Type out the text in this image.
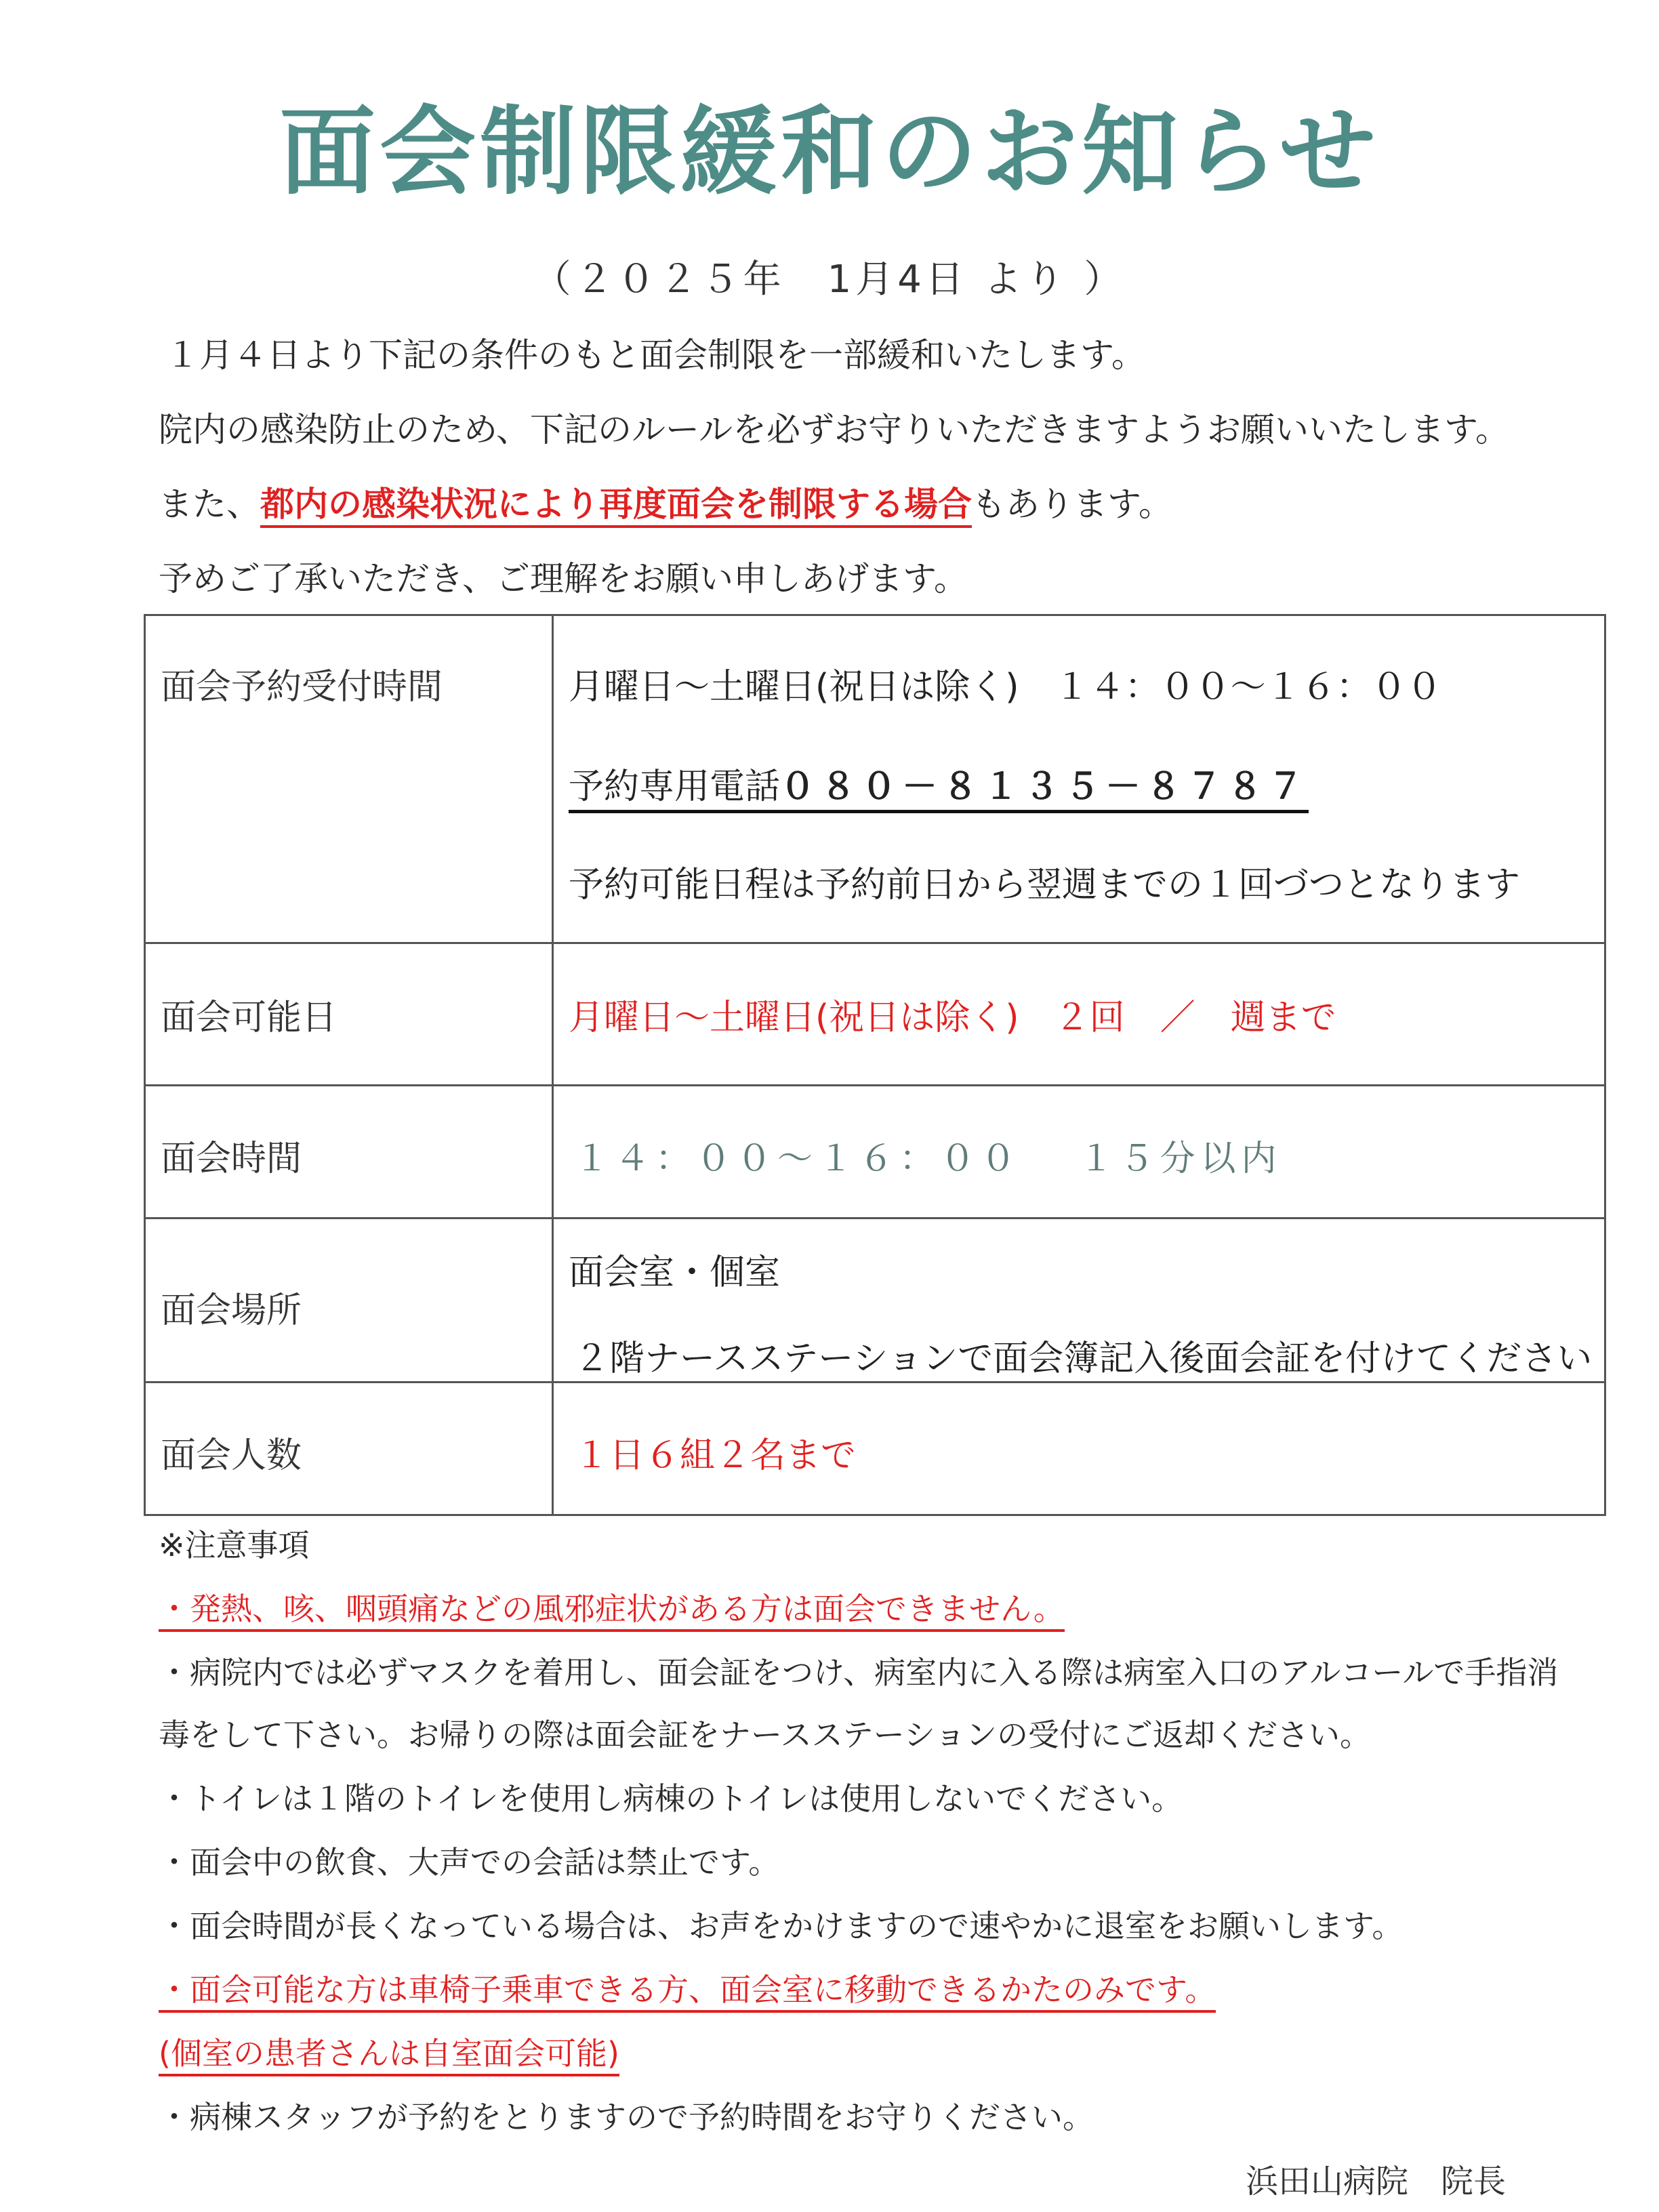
面会制限緩和のお知らせ
（２０２５年　1月4日 より ）
１月４日より下記の条件のもと面会制限を一部緩和いたします。
院内の感染防止のため、下記のルールを必ずお守りいただきますようお願いいたします。
また、都内の感染状況により再度面会を制限する場合もあります。
予めご了承いただき、ご理解をお願い申しあげます。
面会予約受付時間	月曜日～土曜日(祝日は除く)　１４：００～１６：００
予約専用電話０８０－８１３５－８７８７
予約可能日程は予約前日から翌週までの１回づつとなります

面会可能日	月曜日～土曜日(祝日は除く)　２回　／　週まで

面会時間	１４：００～１６：００　 １５分以内

面会場所	面会室・個室
２階ナースステーションで面会簿記入後面会証を付けてください

面会人数	１日６組２名まで
※注意事項
・発熱、咳、咽頭痛などの風邪症状がある方は面会できません。
・病院内では必ずマスクを着用し、面会証をつけ、病室内に入る際は病室入口のアルコールで手指消
毒をして下さい。お帰りの際は面会証をナースステーションの受付にご返却ください。
・トイレは１階のトイレを使用し病棟のトイレは使用しないでください。
・面会中の飲食、大声での会話は禁止です。
・面会時間が長くなっている場合は、お声をかけますので速やかに退室をお願いします。
・面会可能な方は車椅子乗車できる方、面会室に移動できるかたのみです。
(個室の患者さんは自室面会可能)
・病棟スタッフが予約をとりますので予約時間をお守りください。
浜田山病院　院長
